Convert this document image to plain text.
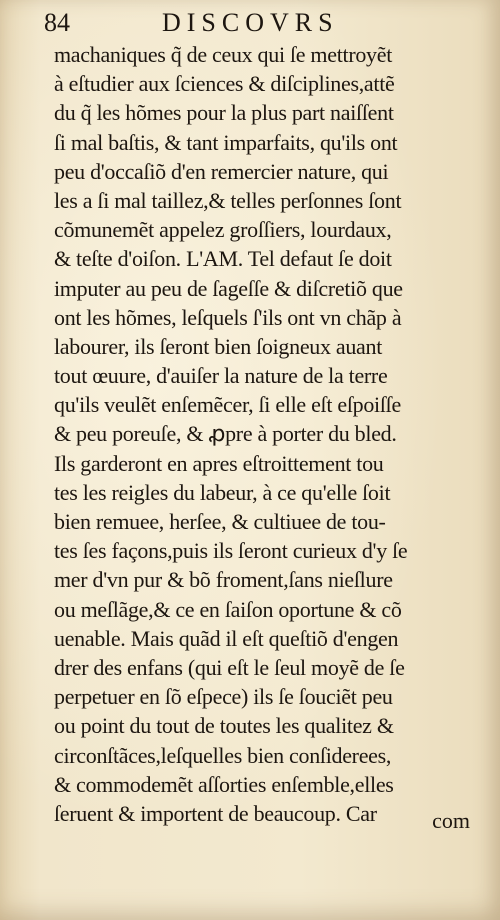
84	DISCOVRS
machaniques q̃ de ceux qui ſe mettroyẽt
à eſtudier aux ſciences & diſciplines,attẽ
du q̃ les hõmes pour la plus part naiſſent
ſi mal baſtis, & tant imparfaits, qu'ils ont
peu d'occaſiõ d'en remercier nature, qui
les a ſi mal taillez,& telles perſonnes ſont
cõmunemẽt appelez groſſiers, lourdaux,
& teſte d'oiſon. L'AM. Tel defaut ſe doit
imputer au peu de ſageſſe & diſcretiõ que
ont les hõmes, leſquels ſ'ils ont vn chãp à
labourer, ils ſeront bien ſoigneux auant
tout œuure, d'auiſer la nature de la terre
qu'ils veulẽt enſemẽcer, ſi elle eſt eſpoiſſe
& peu poreuſe, & ꝓpre à porter du bled.
Ils garderont en apres eſtroittement tou
tes les reigles du labeur, à ce qu'elle ſoit
bien remuee, herſee, & cultiuee de tou-
tes ſes façons,puis ils ſeront curieux d'y ſe
mer d'vn pur & bõ froment,ſans nieſlure
ou meſlãge,& ce en ſaiſon oportune & cõ
uenable. Mais quãd il eſt queſtiõ d'engen
drer des enfans (qui eſt le ſeul moyẽ de ſe
perpetuer en ſõ eſpece) ils ſe ſouciẽt peu
ou point du tout de toutes les qualitez &
circonſtãces,leſquelles bien conſiderees,
& commodemẽt aſſorties enſemble,elles
ſeruent & importent de beaucoup. Car	com
